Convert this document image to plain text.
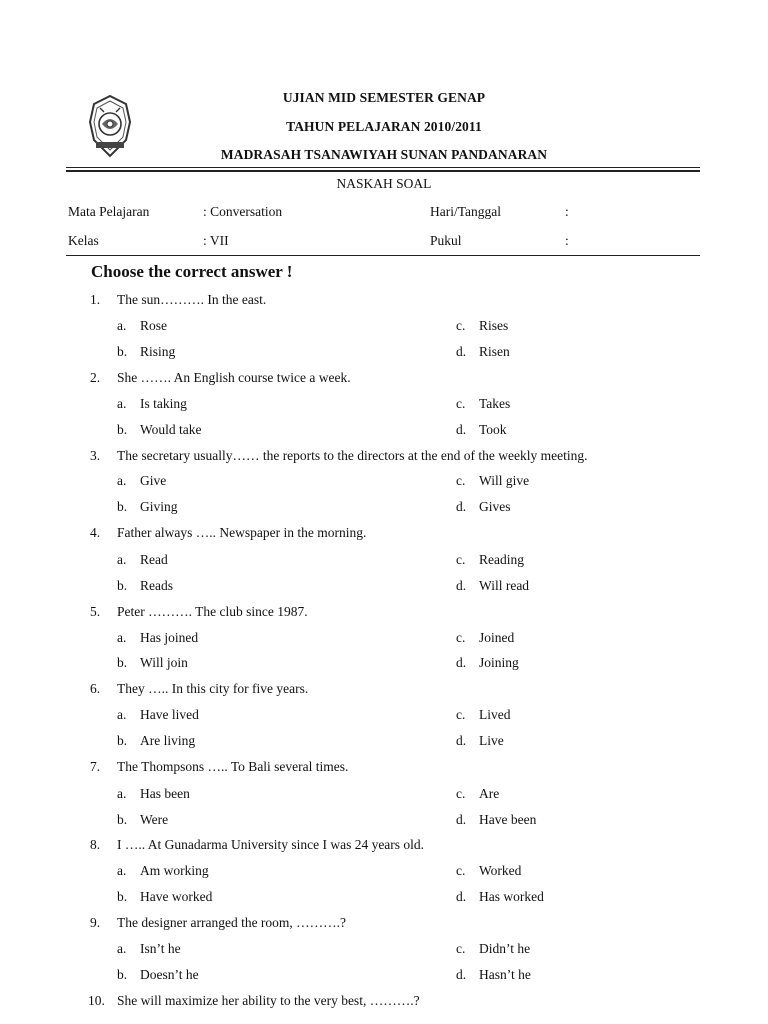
UJIAN MID SEMESTER GENAP
TAHUN PELAJARAN 2010/2011
MADRASAH TSANAWIYAH SUNAN PANDANARAN
NASKAH SOAL
Mata Pelajaran	: Conversation	Hari/Tanggal	:
Kelas	: VII	Pukul	:
Choose the correct answer !
1.	The sun………. In the east.
a. Rose	c. Rises
b. Rising	d. Risen
2.	She ……. An English course twice a week.
a. Is taking	c. Takes
b. Would take	d. Took
3.	The secretary usually…… the reports to the directors at the end of the weekly meeting.
a. Give	c. Will give
b. Giving	d. Gives
4.	Father always ….. Newspaper in the morning.
a. Read	c. Reading
b. Reads	d. Will read
5.	Peter ………. The club since 1987.
a. Has joined	c. Joined
b. Will join	d. Joining
6.	They ….. In this city for five years.
a. Have lived	c. Lived
b. Are living	d. Live
7.	The Thompsons ….. To Bali several times.
a. Has been	c. Are
b. Were	d. Have been
8.	I ….. At Gunadarma University since I was 24 years old.
a. Am working	c. Worked
b. Have worked	d. Has worked
9.	The designer arranged the room, ……….?
a. Isn’t he	c. Didn’t he
b. Doesn’t he	d. Hasn’t he
10. She will maximize her ability to the very best, ……….?
